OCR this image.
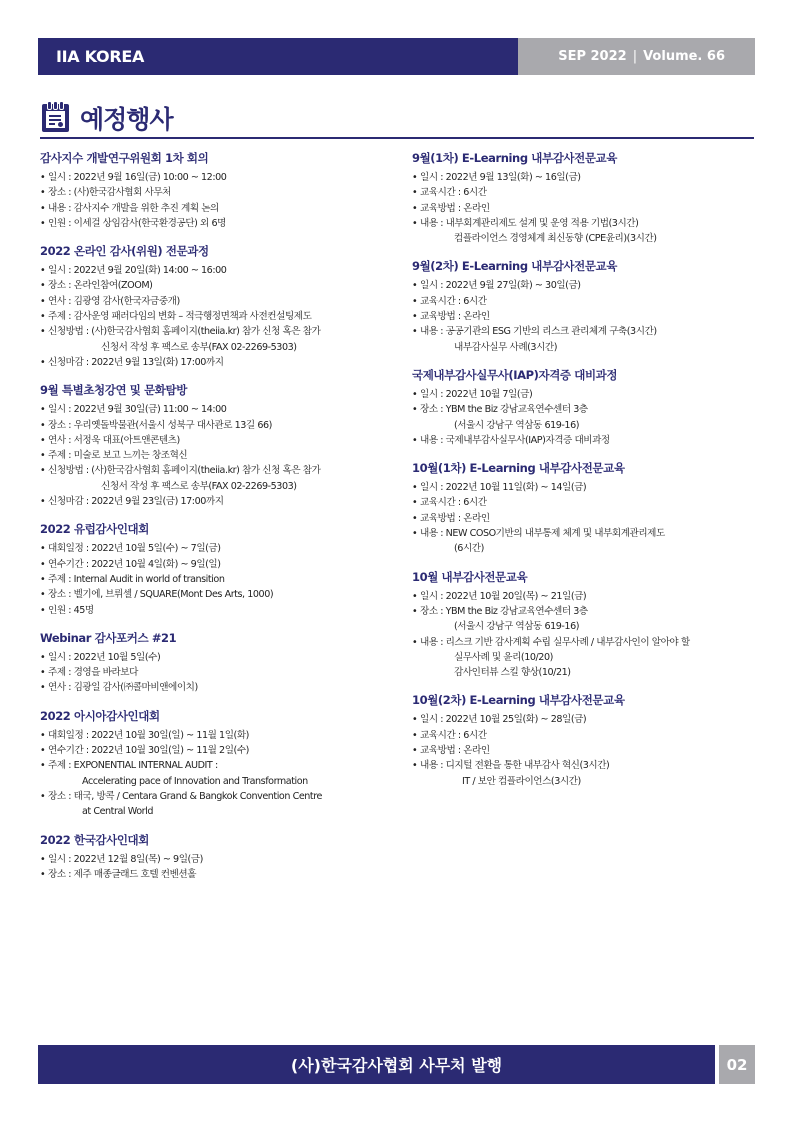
IIA KOREA	SEP 2022 | Volume. 66
예정행사
감사지수 개발연구위원회 1차 회의
• 일시 : 2022년 9월 16일(금) 10:00 ~ 12:00
• 장소 : (사)한국감사협회 사무처
• 내용 : 감사지수 개발을 위한 추진 계획 논의
• 인원 : 이세걸 상임감사(한국환경공단) 외 6명
2022 온라인 감사(위원) 전문과정
• 일시 : 2022년 9월 20일(화) 14:00 ~ 16:00
• 장소 : 온라인참여(ZOOM)
• 연사 : 김광영 감사(한국자금중개)
• 주제 : 감사운영 패러다임의 변화 – 적극행정면책과 사전컨설팅제도
• 신청방법 : (사)한국감사협회 홈페이지(theiia.kr) 참가 신청 혹은 참가
신청서 작성 후 팩스로 송부(FAX 02-2269-5303)
• 신청마감 : 2022년 9월 13일(화) 17:00까지
9월 특별초청강연 및 문화탐방
• 일시 : 2022년 9월 30일(금) 11:00 ~ 14:00
• 장소 : 우리옛돌박물관(서울시 성북구 대사관로 13길 66)
• 연사 : 서정욱 대표(아트앤콘텐츠)
• 주제 : 미술로 보고 느끼는 창조혁신
• 신청방법 : (사)한국감사협회 홈페이지(theiia.kr) 참가 신청 혹은 참가
신청서 작성 후 팩스로 송부(FAX 02-2269-5303)
• 신청마감 : 2022년 9월 23일(금) 17:00까지
2022 유럽감사인대회
• 대회일정 : 2022년 10월 5일(수) ~ 7일(금)
• 연수기간 : 2022년 10월 4일(화) ~ 9일(일)
• 주제 : Internal Audit in world of transition
• 장소 : 벨기에, 브뤼셀 / SQUARE(Mont Des Arts, 1000)
• 인원 : 45명
Webinar 감사포커스 #21
• 일시 : 2022년 10월 5일(수)
• 주제 : 경영을 바라보다
• 연사 : 김광일 감사(㈜콜마비앤에이치)
2022 아시아감사인대회
• 대회일정 : 2022년 10월 30일(일) ~ 11월 1일(화)
• 연수기간 : 2022년 10월 30일(일) ~ 11월 2일(수)
• 주제 : EXPONENTIAL INTERNAL AUDIT :
Accelerating pace of Innovation and Transformation
• 장소 : 태국, 방콕 / Centara Grand & Bangkok Convention Centre
at Central World
2022 한국감사인대회
• 일시 : 2022년 12월 8일(목) ~ 9일(금)
• 장소 : 제주 매종글래드 호텔 컨벤션홀
9월(1차) E-Learning 내부감사전문교육
• 일시 : 2022년 9월 13일(화) ~ 16일(금)
• 교육시간 : 6시간
• 교육방법 : 온라인
• 내용 : 내부회계관리제도 설계 및 운영 적용 기법(3시간)
컴플라이언스 경영체계 최신동향 (CPE윤리)(3시간)
9월(2차) E-Learning 내부감사전문교육
• 일시 : 2022년 9월 27일(화) ~ 30일(금)
• 교육시간 : 6시간
• 교육방법 : 온라인
• 내용 : 공공기관의 ESG 기반의 리스크 관리체계 구축(3시간)
내부감사실무 사례(3시간)
국제내부감사실무사(IAP)자격증 대비과정
• 일시 : 2022년 10월 7일(금)
• 장소 : YBM the Biz 강남교육연수센터 3층
(서울시 강남구 역삼동 619-16)
• 내용 : 국제내부감사실무사(IAP)자격증 대비과정
10월(1차) E-Learning 내부감사전문교육
• 일시 : 2022년 10월 11일(화) ~ 14일(금)
• 교육시간 : 6시간
• 교육방법 : 온라인
• 내용 : NEW COSO기반의 내부통제 체계 및 내부회계관리제도
(6시간)
10월 내부감사전문교육
• 일시 : 2022년 10월 20일(목) ~ 21일(금)
• 장소 : YBM the Biz 강남교육연수센터 3층
(서울시 강남구 역삼동 619-16)
• 내용 : 리스크 기반 감사계획 수립 실무사례 / 내부감사인이 알아야 할
실무사례 및 윤리(10/20)
감사인터뷰 스킬 향상(10/21)
10월(2차) E-Learning 내부감사전문교육
• 일시 : 2022년 10월 25일(화) ~ 28일(금)
• 교육시간 : 6시간
• 교육방법 : 온라인
• 내용 : 디지털 전환을 통한 내부감사 혁신(3시간)
IT / 보안 컴플라이언스(3시간)
(사)한국감사협회 사무처 발행	02
